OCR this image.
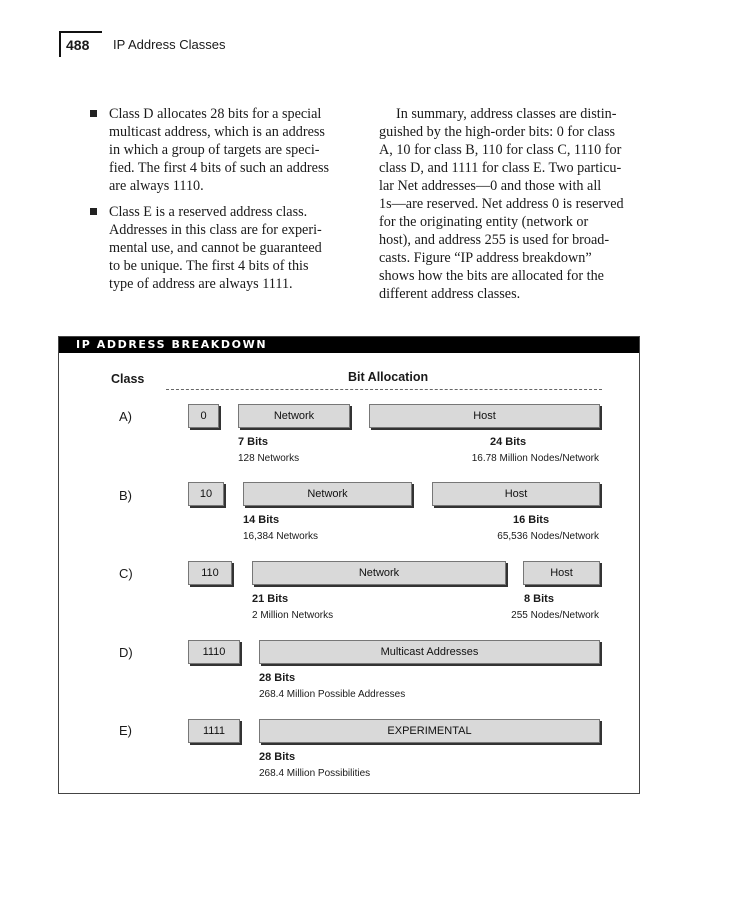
488 IP Address Classes
Class D allocates 28 bits for a special
multicast address, which is an address
in which a group of targets are speci-
fied. The first 4 bits of such an address
are always 1110.
Class E is a reserved address class.
Addresses in this class are for experi-
mental use, and cannot be guaranteed
to be unique. The first 4 bits of this
type of address are always 1111.
In summary, address classes are distin-
guished by the high-order bits: 0 for class
A, 10 for class B, 110 for class C, 1110 for
class D, and 1111 for class E. Two particu-
lar Net addresses—0 and those with all
1s—are reserved. Net address 0 is reserved
for the originating entity (network or
host), and address 255 is used for broad-
casts. Figure “IP address breakdown”
shows how the bits are allocated for the
different address classes.
IP ADDRESS BREAKDOWN
Class	Bit Allocation
A)	0	Network	Host
7 Bits
128 Networks
24 Bits
16.78 Million Nodes/Network
B)	10	Network	Host
14 Bits
16,384 Networks
16 Bits
65,536 Nodes/Network
C)	110	Network	Host
21 Bits
2 Million Networks
8 Bits
255 Nodes/Network
D)	1110	Multicast Addresses
28 Bits
268.4 Million Possible Addresses
E)	1111	EXPERIMENTAL
28 Bits
268.4 Million Possibilities
